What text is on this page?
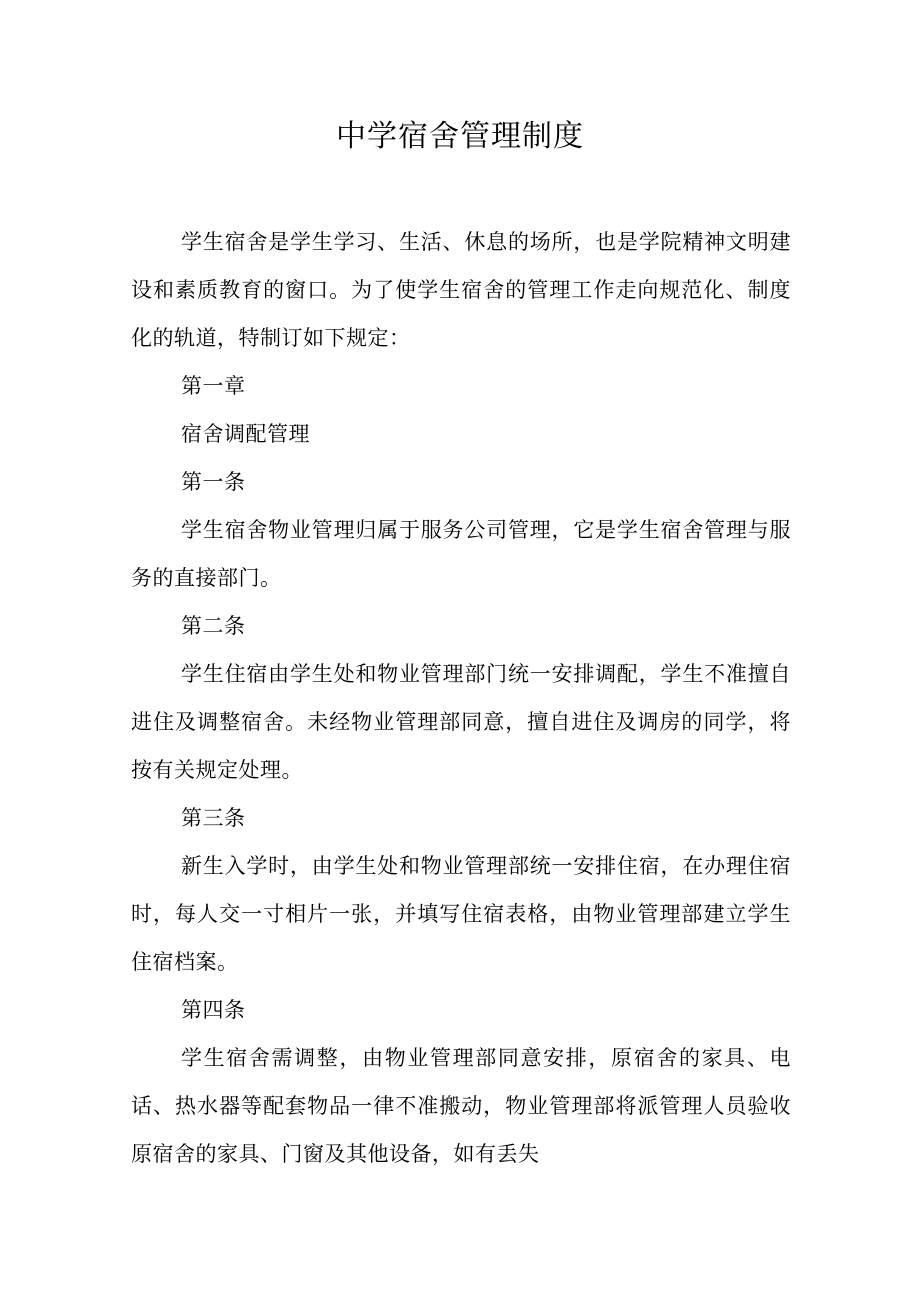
中学宿舍管理制度

学生宿舍是学生学习、生活、休息的场所，也是学院精神文明建设和素质教育的窗口。为了使学生宿舍的管理工作走向规范化、制度化的轨道，特制订如下规定：

第一章

宿舍调配管理

第一条

学生宿舍物业管理归属于服务公司管理，它是学生宿舍管理与服务的直接部门。

第二条

学生住宿由学生处和物业管理部门统一安排调配，学生不准擅自进住及调整宿舍。未经物业管理部同意，擅自进住及调房的同学，将按有关规定处理。

第三条

新生入学时，由学生处和物业管理部统一安排住宿，在办理住宿时，每人交一寸相片一张，并填写住宿表格，由物业管理部建立学生住宿档案。

第四条

学生宿舍需调整，由物业管理部同意安排，原宿舍的家具、电话、热水器等配套物品一律不准搬动，物业管理部将派管理人员验收原宿舍的家具、门窗及其他设备，如有丢失
